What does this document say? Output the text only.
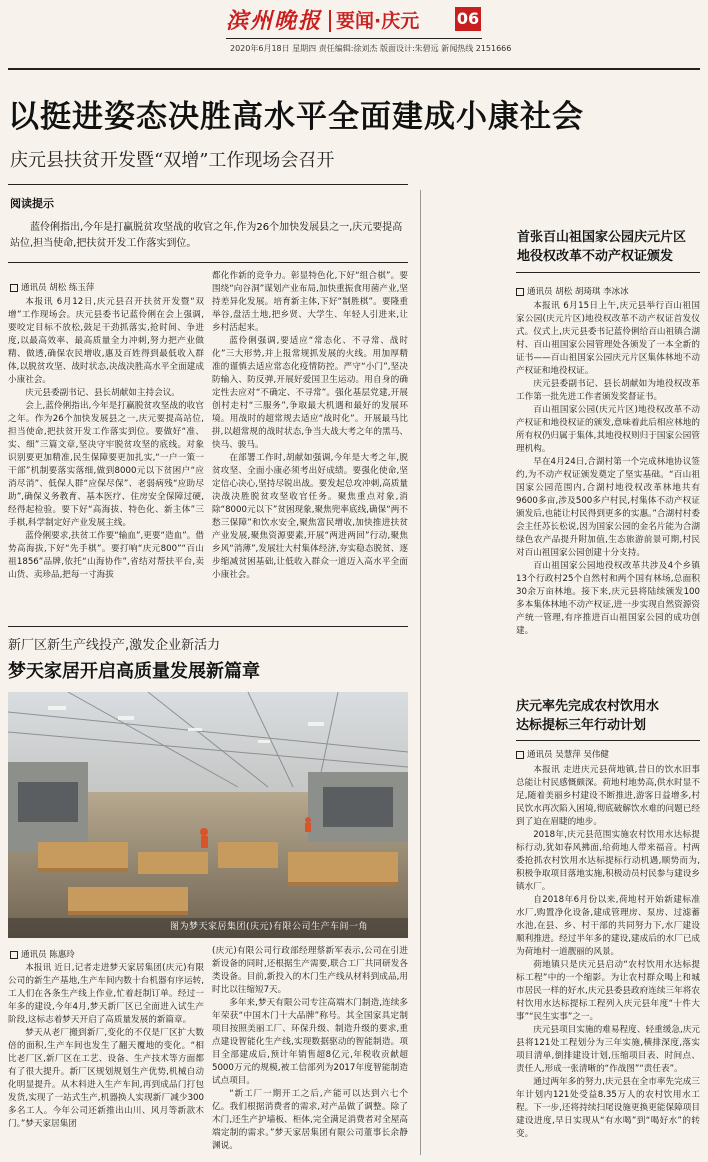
滨州晚报 要闻·庆元 06
2020年6月18日 星期四 责任编辑:徐刘杰 版面设计:朱碧远 新闻热线 2151666
以挺进姿态决胜高水平全面建成小康社会
庆元县扶贫开发暨“双增”工作现场会召开
阅读提示
蓝伶俐指出,今年是打赢脱贫攻坚战的收官之年,作为26个加快发展县之一,庆元要提高站位,担当使命,把扶贫开发工作落实到位。
通讯员 胡松 练玉萍

本报讯 6月12日,庆元县召开扶贫开发暨“双增”工作现场会。庆元县委书记蓝伶俐在会上强调,要咬定目标不放松,鼓足干劲抓落实,抢时间、争进度,以最高效率、最高质量全力冲刺,努力把产业做精、做透,确保农民增收,惠及百姓得到最低收入群体,以脱贫攻坚、战时状态,决战决胜高水平全面建成小康社会。

庆元县委副书记、县长胡献如主持会议。

会上,蓝伶俐指出,今年是打赢脱贫攻坚战的收官之年。作为26个加快发展县之一,庆元要提高站位,担当使命,把扶贫开发工作落实到位。要做好“准、实、细”三篇文章,坚决守牢脱贫攻坚的底线。对象识别要更加精准,民生保障要更加扎实,“一户一策一干部”机制要落实落细,做到8000元以下贫困户“应消尽消”、低保人群“应保尽保”、老弱病残“应助尽助”,确保义务教育、基本医疗、住房安全保障过硬,经得起检验。要下好“高海拔、特色化、新主体”三手棋,科学制定好产业发展主线。

蓝伶俐要求,扶贫工作要“输血”,更要“造血”。借势高海拔,下好“先手棋”。要打响“庆元800”“百山祖1856”品牌,依托“山海协作”,省结对帮扶平台,卖山货、卖珍品,把每一寸海拔

都化作新的竞争力。彰显特色化,下好“组合棋”。要围绕“向谷洞”谋划产业布局,加快重振食用菌产业,坚持差异化发展。培育新主体,下好“制胜棋”。要隆重举谷,盘活土地,把乡贤、大学生、年轻人引进来,让乡村活起来。

蓝伶俐强调,要适应“常态化、不寻常、战时化”三大形势,并上报常规抓发展的火线。用加厚精准的谨慎去适应常态化疫情防控。严守“小门”,坚决防输入、防反弹,开展好爱国卫生运动。用自身的确定性去应对“不确定、不寻常”。强化基层党建,开展创村走村“三服务”,争取最大机遇和最好的发展环境。用战时的超常规去适应“战时化”。开展最马比拼,以超常规的战时状态,争当大战大考之年的黑马、快马、骏马。

在部署工作时,胡献如强调,今年是大考之年,脱贫攻坚、全面小康必须考出好成绩。要强化使命,坚定信心决心,坚持尽锐出战。要发起总攻冲刺,高质量决战决胜脱贫攻坚收官任务。聚焦重点对象,消除“8000元以下”贫困现象,聚焦兜率底线,确保“两不愁三保障”和饮水安全,聚焦富民增收,加快推进扶贫产业发展,聚焦资源要素,开展“两进两回”行动,聚焦乡风“消薄”,发展壮大村集体经济,夯实稳态脱贫、逐步缩减贫困基础,让低收入群众一道迈入高水平全面小康社会。

首张百山祖国家公园庆元片区
地役权改革不动产权证颁发
通讯员 胡松 胡琦琪 李冰冰

本报讯 6月15日上午,庆元县举行百山祖国家公园(庆元片区)地役权改革不动产权证首发仪式。仪式上,庆元县委书记蓝伶俐给百山祖镇合湖村、百山祖国家公园管理处各颁发了一本全新的证书——百山祖国家公园庆元片区集体林地不动产权证和地役权证。

庆元县委副书记、县长胡献如为地役权改革工作第一批先进工作者颁发奖督证书。

百山祖国家公园(庆元片区)地役权改革不动产权证和地役权证的颁发,意味着此后相应林地的所有权仍归属于集体,其地役权则归于国家公园管理机构。

早在4月24日,合湖村第一个完成林地协议签约,为不动产权证颁发奠定了坚实基础。“百山祖国家公园范围内,合湖村地役权改革林地共有9600多亩,涉及500多户村民,村集体不动产权证颁发后,也能让村民得到更多的实惠。”合湖村村委会主任苏长松说,因为国家公园的金名片能为合湖绿色农产品提升附加值,生态旅游前景可期,村民对百山祖国家公园创建十分支持。

百山祖国家公园地役权改革共涉及4个乡镇13个行政村25个自然村和两个国有林场,总面积30余万亩林地。接下来,庆元县将陆续颁发100多本集体林地不动产权证,进一步实现自然资源资产统一管理,有序推进百山祖国家公园的成功创建。

庆元率先完成农村饮用水
达标提标三年行动计划
通讯员 吴慧萍 吴伟健

本报讯 走进庆元县荷地镇,昔日的饮水旧事总能让村民感慨颇深。荷地村地势高,供水时显不足,随着美丽乡村建设不断推进,游客日益增多,村民饮水再次陷入困境,彻底破解饮水难的问题已经到了迫在眉睫的地步。

2018年,庆元县范围实施农村饮用水达标提标行动,犹如春风拂面,给荷地人带来福音。村两委抢抓农村饮用水达标提标行动机遇,顺势而为,积极争取项目落地实施,积极动员村民参与建设乡镇水厂。

自2018年6月份以来,荷地村开始新建标准水厂,购置净化设备,建成管理房、泵房、过滤蓄水池,在县、乡、村干部的共同努力下,水厂建设顺利推进。经过半年多的建设,建成后的水厂已成为荷地村一道靓丽的风景。

荷地镇只是庆元县启动“农村饮用水达标提标工程”中的一个缩影。为让农村群众喝上和城市居民一样的好水,庆元县委县政府连续三年将农村饮用水达标提标工程列入庆元县年度“十件大事”“民生实事”之一。

庆元县项目实施的难易程度、轻重缓急,庆元县将121处工程划分为三年实施,横排深度,落实项目清单,倒排建设计划,压缩项目表、时间点、责任人,形成一张清晰的“作战图”“责任表”。

通过两年多的努力,庆元县在全市率先完成三年计划内121处受益8.35万人的农村饮用水工程。下一步,还将持续扫尾设施更换更能保障项目建设进度,早日实现从“有水喝”到“喝好水”的转变。

新厂区新生产线投产,激发企业新活力
梦天家居开启高质量发展新篇章
图为梦天家居集团(庆元)有限公司生产车间一角
通讯员 陈惠玲

本报讯 近日,记者走进梦天家居集团(庆元)有限公司的新生产基地,生产车间内数十台机器有序运转,工人们在各条生产线上作业,忙着赶制订单。经过一年多的建设,今年4月,梦天新厂区已全面进入试生产阶段,这标志着梦天开启了高质量发展的新篇章。

梦天从老厂搬到新厂,变化的不仅是厂区扩大数倍的面积,生产车间也发生了翻天覆地的变化。“相比老厂区,新厂区在工艺、设备、生产技术等方面都有了很大提升。新厂区规划规划生产优势,机械自动化明显提升。从木料进入生产车间,再到成品门打包发货,实现了一站式生产,机器换人实现新厂减少300多名工人。今年公司还新推出山川、风月等新款木门。”梦天家居集团

(庆元)有限公司行政部经理蔡新军表示,公司在引进新设备的同时,还根据生产需要,联合工厂共同研发各类设备。目前,新投入的木门生产线从材料到成品,用时比以往缩短7天。

多年来,梦天有限公司专注高端木门制造,连续多年荣获“中国木门十大品牌”称号。其全国家具定制项目按照美丽工厂、环保升级、制造升级的要求,重点建设智能化生产线,实现数据驱动的智能制造。项目全部建成后,预计年销售超8亿元,年税收贡献超5000万元的规模,被工信部列为2017年度智能制造试点项目。

“新工厂一期开工之后,产能可以达到六七个亿。我们根据消费者的需求,对产品做了调整。除了木门,还生产护墙板、柜体,完全满足消费者对全屋高端定制的需求。”梦天家居集团有限公司董事长余静渊说。
